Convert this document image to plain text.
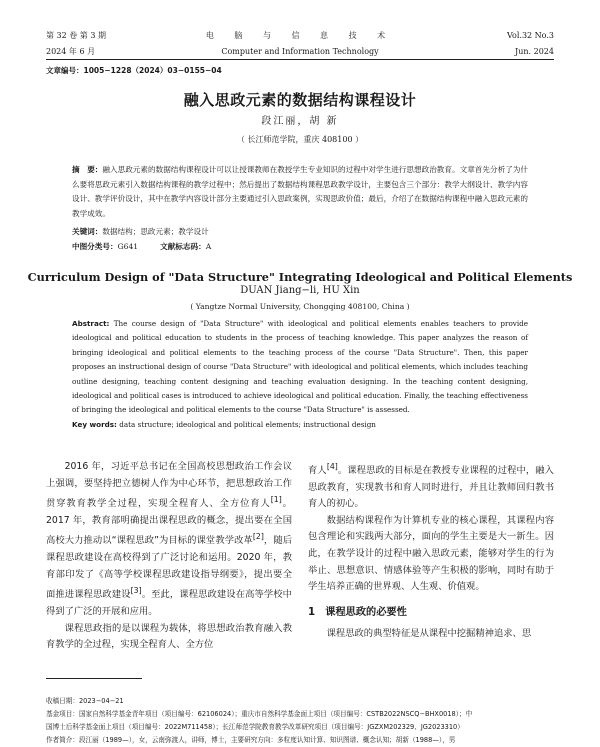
第 32 卷 第 3 期	电 脑 与 信 息 技 术	Vol.32 No.3
2024 年 6 月	Computer and Information Technology	Jun. 2024
文章编号：1005−1228（2024）03−0155−04
融入思政元素的数据结构课程设计
段江丽，胡 新
（ 长江师范学院，重庆 408100 ）
摘　要：融入思政元素的数据结构课程设计可以让授课教师在教授学生专业知识的过程中对学生进行思想政治教育。文章首先分析了为什么要将思政元素引入数据结构课程的教学过程中；然后提出了数据结构课程思政教学设计，主要包含三个部分：教学大纲设计、教学内容设计、教学评价设计，其中在教学内容设计部分主要通过引入思政案例，实现思政价值；最后，介绍了在数据结构课程中融入思政元素的教学成效。
关键词：数据结构；思政元素；教学设计
中图分类号：G641	文献标志码：A
Curriculum Design of "Data Structure" Integrating Ideological and Political Elements
DUAN Jiang−li, HU Xin
( Yangtze Normal University, Chongqing 408100, China )
Abstract: The course design of "Data Structure" with ideological and political elements enables teachers to provide ideological and political education to students in the process of teaching knowledge. This paper analyzes the reason of bringing ideological and political elements to the teaching process of the course "Data Structure". Then, this paper proposes an instructional design of course "Data Structure" with ideological and political elements, which includes teaching outline designing, teaching content designing and teaching evaluation designing. In the teaching content designing, ideological and political cases is introduced to achieve ideological and political education. Finally, the teaching effectiveness of bringing the ideological and political elements to the course "Data Structure" is assessed.
Key words: data structure; ideological and political elements; instructional design

2016 年，习近平总书记在全国高校思想政治工作会议上强调，要坚持把立德树人作为中心环节，把思想政治工作贯穿教育教学全过程，实现全程育人、全方位育人[1]。2017 年，教育部明确提出课程思政的概念，提出要在全国高校大力推动以“课程思政”为目标的课堂教学改革[2]，随后课程思政建设在高校得到了广泛讨论和运用。2020 年，教育部印发了《高等学校课程思政建设指导纲要》，提出要全面推进课程思政建设[3]。至此，课程思政建设在高等学校中得到了广泛的开展和应用。

课程思政指的是以课程为载体，将思想政治教育融入教育教学的全过程，实现全程育人、全方位

育人[4]。课程思政的目标是在教授专业课程的过程中，融入思政教育，实现教书和育人同时进行，并且让教师回归教书育人的初心。

数据结构课程作为计算机专业的核心课程，其课程内容包含理论和实践两大部分，面向的学生主要是大一新生。因此，在教学设计的过程中融入思政元素，能够对学生的行为举止、思想意识、情感体验等产生积极的影响，同时有助于学生培养正确的世界观、人生观、价值观。

1　课程思政的必要性

课程思政的典型特征是从课程中挖掘精神追求、思

收稿日期：2023−04−21
基金项目：国家自然科学基金青年项目（项目编号：62106024）；重庆市自然科学基金面上项目（项目编号：CSTB2022NSCQ−BHX0018）；中
国博士后科学基金面上项目（项目编号：2022M711458）；长江师范学院教育教学改革研究项目（项目编号：JGZXM202329、JG2023310）
作者简介：段江丽（1989—），女，云南弥渡人，讲师，博士，主要研究方向：多粒度认知计算、知识图谱、概念认知；胡新（1988—），男
